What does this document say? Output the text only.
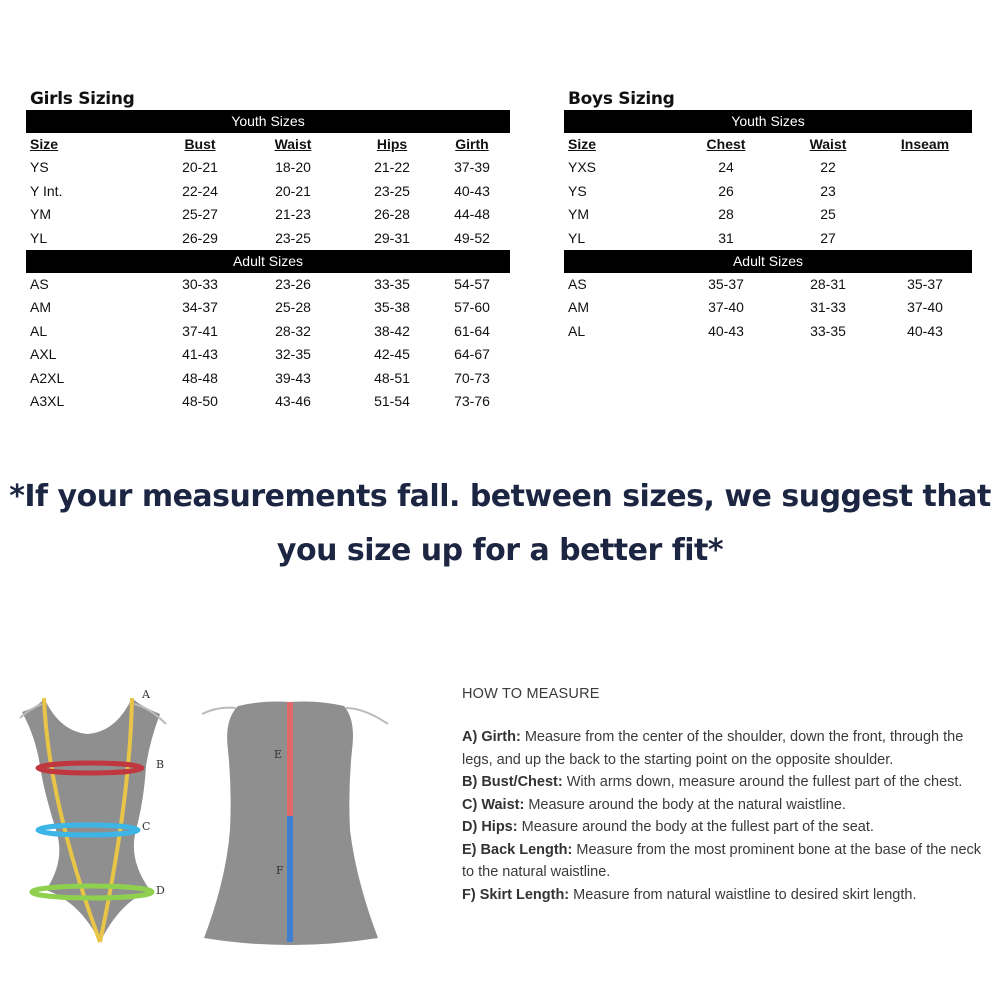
Girls Sizing
Youth Sizes
Size	Bust	Waist	Hips	Girth
YS	20-21	18-20	21-22	37-39
Y Int.	22-24	20-21	23-25	40-43
YM	25-27	21-23	26-28	44-48
YL	26-29	23-25	29-31	49-52
Adult Sizes
AS	30-33	23-26	33-35	54-57
AM	34-37	25-28	35-38	57-60
AL	37-41	28-32	38-42	61-64
AXL	41-43	32-35	42-45	64-67
A2XL	48-48	39-43	48-51	70-73
A3XL	48-50	43-46	51-54	73-76
Boys Sizing
Youth Sizes
Size	Chest	Waist	Inseam
YXS	24	22
YS	26	23
YM	28	25
YL	31	27
Adult Sizes
AS	35-37	28-31	35-37
AM	37-40	31-33	37-40
AL	40-43	33-35	40-43
*If your measurements fall. between sizes, we suggest that
you size up for a better fit*
A
B
C
D
E
F
HOW TO MEASURE
A) Girth: Measure from the center of the shoulder, down the front, through the legs, and up the back to the starting point on the opposite shoulder.
B) Bust/Chest: With arms down, measure around the fullest part of the chest.
C) Waist: Measure around the body at the natural waistline.
D) Hips: Measure around the body at the fullest part of the seat.
E) Back Length: Measure from the most prominent bone at the base of the neck to the natural waistline.
F) Skirt Length: Measure from natural waistline to desired skirt length.
